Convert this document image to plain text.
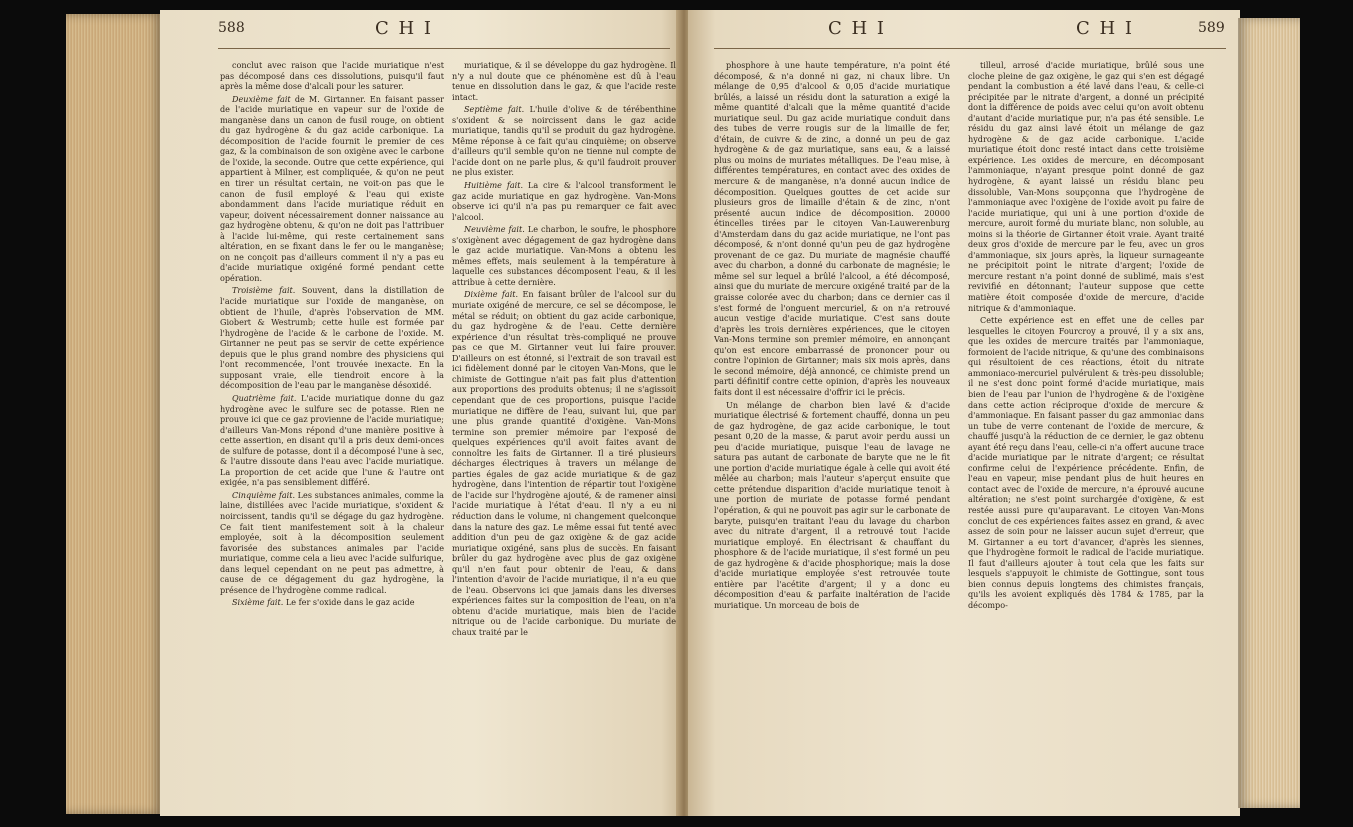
588	C H I

conclut avec raison que l'acide muriatique n'est pas décomposé dans ces dissolutions, puisqu'il faut après la même dose d'alcali pour les saturer.

Deuxième fait de M. Girtanner. En faisant passer de l'acide muriatique en vapeur sur de l'oxide de manganèse dans un canon de fusil rouge, on obtient du gaz hydrogène & du gaz acide carbonique. La décomposition de l'acide fournit le premier de ces gaz, & la combinaison de son oxigène avec le carbone de l'oxide, la seconde. Outre que cette expérience, qui appartient à Milner, est compliquée, & qu'on ne peut en tirer un résultat certain, ne voit-on pas que le canon de fusil employé & l'eau qui existe abondamment dans l'acide muriatique réduit en vapeur, doivent nécessairement donner naissance au gaz hydrogène obtenu, & qu'on ne doit pas l'attribuer à l'acide lui-même, qui reste certainement sans altération, en se fixant dans le fer ou le manganèse; on ne conçoit pas d'ailleurs comment il n'y a pas eu d'acide muriatique oxigéné formé pendant cette opération.

Troisième fait. Souvent, dans la distillation de l'acide muriatique sur l'oxide de manganèse, on obtient de l'huile, d'après l'observation de MM. Giobert & Westrumb; cette huile est formée par l'hydrogène de l'acide & le carbone de l'oxide. M. Girtanner ne peut pas se servir de cette expérience depuis que le plus grand nombre des physiciens qui l'ont recommencée, l'ont trouvée inexacte. En la supposant vraie, elle tiendroit encore à la décomposition de l'eau par le manganèse désoxidé.

Quatrième fait. L'acide muriatique donne du gaz hydrogène avec le sulfure sec de potasse. Rien ne prouve ici que ce gaz provienne de l'acide muriatique; d'ailleurs Van-Mons répond d'une manière positive à cette assertion, en disant qu'il a pris deux demi-onces de sulfure de potasse, dont il a décomposé l'une à sec, & l'autre dissoute dans l'eau avec l'acide muriatique. La proportion de cet acide que l'une & l'autre ont exigée, n'a pas sensiblement différé.

Cinquième fait. Les substances animales, comme la laine, distillées avec l'acide muriatique, s'oxident & noircissent, tandis qu'il se dégage du gaz hydrogène. Ce fait tient manifestement soit à la chaleur employée, soit à la décomposition seulement favorisée des substances animales par l'acide muriatique, comme cela a lieu avec l'acide sulfurique, dans lequel cependant on ne peut pas admettre, à cause de ce dégagement du gaz hydrogène, la présence de l'hydrogène comme radical.

Sixième fait. Le fer s'oxide dans le gaz acide

muriatique, & il se développe du gaz hydrogène. Il n'y a nul doute que ce phénomène est dû à l'eau tenue en dissolution dans le gaz, & que l'acide reste intact.

Septième fait. L'huile d'olive & de térébenthine s'oxident & se noircissent dans le gaz acide muriatique, tandis qu'il se produit du gaz hydrogène. Même réponse à ce fait qu'au cinquième; on observe d'ailleurs qu'il semble qu'on ne tienne nul compte de l'acide dont on ne parle plus, & qu'il faudroit prouver ne plus exister.

Huitième fait. La cire & l'alcool transforment le gaz acide muriatique en gaz hydrogène. Van-Mons observe ici qu'il n'a pas pu remarquer ce fait avec l'alcool.

Neuvième fait. Le charbon, le soufre, le phosphore s'oxigènent avec dégagement de gaz hydrogène dans le gaz acide muriatique. Van-Mons a obtenu les mêmes effets, mais seulement à la température à laquelle ces substances décomposent l'eau, & il les attribue à cette dernière.

Dixième fait. En faisant brûler de l'alcool sur du muriate oxigéné de mercure, ce sel se décompose, le métal se réduit; on obtient du gaz acide carbonique, du gaz hydrogène & de l'eau. Cette dernière expérience d'un résultat très-compliqué ne prouve pas ce que M. Girtanner veut lui faire prouver. D'ailleurs on est étonné, si l'extrait de son travail est ici fidèlement donné par le citoyen Van-Mons, que le chimiste de Gottingue n'ait pas fait plus d'attention aux proportions des produits obtenus; il ne s'agissoit cependant que de ces proportions, puisque l'acide muriatique ne diffère de l'eau, suivant lui, que par une plus grande quantité d'oxigène. Van-Mons termine son premier mémoire par l'exposé de quelques expériences qu'il avoit faites avant de connoître les faits de Girtanner. Il a tiré plusieurs décharges électriques à travers un mélange de parties égales de gaz acide muriatique & de gaz hydrogène, dans l'intention de répartir tout l'oxigène de l'acide sur l'hydrogène ajouté, & de ramener ainsi l'acide muriatique à l'état d'eau. Il n'y a eu ni réduction dans le volume, ni changement quelconque dans la nature des gaz. Le même essai fut tenté avec addition d'un peu de gaz oxigène & de gaz acide muriatique oxigéné, sans plus de succès. En faisant brûler du gaz hydrogène avec plus de gaz oxigène qu'il n'en faut pour obtenir de l'eau, & dans l'intention d'avoir de l'acide muriatique, il n'a eu que de l'eau. Observons ici que jamais dans les diverses expériences faites sur la composition de l'eau, on n'a obtenu d'acide muriatique, mais bien de l'acide nitrique ou de l'acide carbonique. Du muriate de chaux traité par le

C H I	C H I	589

phosphore à une haute température, n'a point été décomposé, & n'a donné ni gaz, ni chaux libre. Un mélange de 0,95 d'alcool & 0,05 d'acide muriatique brûlés, a laissé un résidu dont la saturation a exigé la même quantité d'alcali que la même quantité d'acide muriatique seul. Du gaz acide muriatique conduit dans des tubes de verre rougis sur de la limaille de fer, d'étain, de cuivre & de zinc, a donné un peu de gaz hydrogène & de gaz muriatique, sans eau, & a laissé plus ou moins de muriates métalliques. De l'eau mise, à différentes températures, en contact avec des oxides de mercure & de manganèse, n'a donné aucun indice de décomposition. Quelques gouttes de cet acide sur plusieurs gros de limaille d'étain & de zinc, n'ont présenté aucun indice de décomposition. 20000 étincelles tirées par le citoyen Van-Lauwerenburg d'Amsterdam dans du gaz acide muriatique, ne l'ont pas décomposé, & n'ont donné qu'un peu de gaz hydrogène provenant de ce gaz. Du muriate de magnésie chauffé avec du charbon, a donné du carbonate de magnésie; le même sel sur lequel a brûlé l'alcool, a été décomposé, ainsi que du muriate de mercure oxigéné traité par de la graisse colorée avec du charbon; dans ce dernier cas il s'est formé de l'onguent mercuriel, & on n'a retrouvé aucun vestige d'acide muriatique. C'est sans doute d'après les trois dernières expériences, que le citoyen Van-Mons termine son premier mémoire, en annonçant qu'on est encore embarrassé de prononcer pour ou contre l'opinion de Girtanner; mais six mois après, dans le second mémoire, déjà annoncé, ce chimiste prend un parti définitif contre cette opinion, d'après les nouveaux faits dont il est nécessaire d'offrir ici le précis.

Un mélange de charbon bien lavé & d'acide muriatique électrisé & fortement chauffé, donna un peu de gaz hydrogène, de gaz acide carbonique, le tout pesant 0,20 de la masse, & parut avoir perdu aussi un peu d'acide muriatique, puisque l'eau de lavage ne satura pas autant de carbonate de baryte que ne le fit une portion d'acide muriatique égale à celle qui avoit été mêlée au charbon; mais l'auteur s'aperçut ensuite que cette prétendue disparition d'acide muriatique tenoit à une portion de muriate de potasse formé pendant l'opération, & qui ne pouvoit pas agir sur le carbonate de baryte, puisqu'en traitant l'eau du lavage du charbon avec du nitrate d'argent, il a retrouvé tout l'acide muriatique employé. En électrisant & chauffant du phosphore & de l'acide muriatique, il s'est formé un peu de gaz hydrogène & d'acide phosphorique; mais la dose d'acide muriatique employée s'est retrouvée toute entière par l'acétite d'argent; il y a donc eu décomposition d'eau & parfaite inaltération de l'acide muriatique. Un morceau de bois de

tilleul, arrosé d'acide muriatique, brûlé sous une cloche pleine de gaz oxigène, le gaz qui s'en est dégagé pendant la combustion a été lavé dans l'eau, & celle-ci précipitée par le nitrate d'argent, a donné un précipité dont la différence de poids avec celui qu'on avoit obtenu d'autant d'acide muriatique pur, n'a pas été sensible. Le résidu du gaz ainsi lavé étoit un mélange de gaz hydrogène & de gaz acide carbonique. L'acide muriatique étoit donc resté intact dans cette troisième expérience. Les oxides de mercure, en décomposant l'ammoniaque, n'ayant presque point donné de gaz hydrogène, & ayant laissé un résidu blanc peu dissoluble, Van-Mons soupçonna que l'hydrogène de l'ammoniaque avec l'oxigène de l'oxide avoit pu faire de l'acide muriatique, qui uni à une portion d'oxide de mercure, auroit formé du muriate blanc, non soluble, au moins si la théorie de Girtanner étoit vraie. Ayant traité deux gros d'oxide de mercure par le feu, avec un gros d'ammoniaque, six jours après, la liqueur surnageante ne précipitoit point le nitrate d'argent; l'oxide de mercure restant n'a point donné de sublimé, mais s'est revivifié en détonnant; l'auteur suppose que cette matière étoit composée d'oxide de mercure, d'acide nitrique & d'ammoniaque.

Cette expérience est en effet une de celles par lesquelles le citoyen Fourcroy a prouvé, il y a six ans, que les oxides de mercure traités par l'ammoniaque, formoient de l'acide nitrique, & qu'une des combinaisons qui résultoient de ces réactions, étoit du nitrate ammoniaco-mercuriel pulvérulent & très-peu dissoluble; il ne s'est donc point formé d'acide muriatique, mais bien de l'eau par l'union de l'hydrogène & de l'oxigène dans cette action réciproque d'oxide de mercure & d'ammoniaque. En faisant passer du gaz ammoniac dans un tube de verre contenant de l'oxide de mercure, & chauffé jusqu'à la réduction de ce dernier, le gaz obtenu ayant été reçu dans l'eau, celle-ci n'a offert aucune trace d'acide muriatique par le nitrate d'argent; ce résultat confirme celui de l'expérience précédente. Enfin, de l'eau en vapeur, mise pendant plus de huit heures en contact avec de l'oxide de mercure, n'a éprouvé aucune altération; ne s'est point surchargée d'oxigène, & est restée aussi pure qu'auparavant. Le citoyen Van-Mons conclut de ces expériences faites assez en grand, & avec assez de soin pour ne laisser aucun sujet d'erreur, que M. Girtanner a eu tort d'avancer, d'après les siennes, que l'hydrogène formoit le radical de l'acide muriatique. Il faut d'ailleurs ajouter à tout cela que les faits sur lesquels s'appuyoit le chimiste de Gottingue, sont tous bien connus depuis longtems des chimistes français, qu'ils les avoient expliqués dès 1784 & 1785, par la décompo-
